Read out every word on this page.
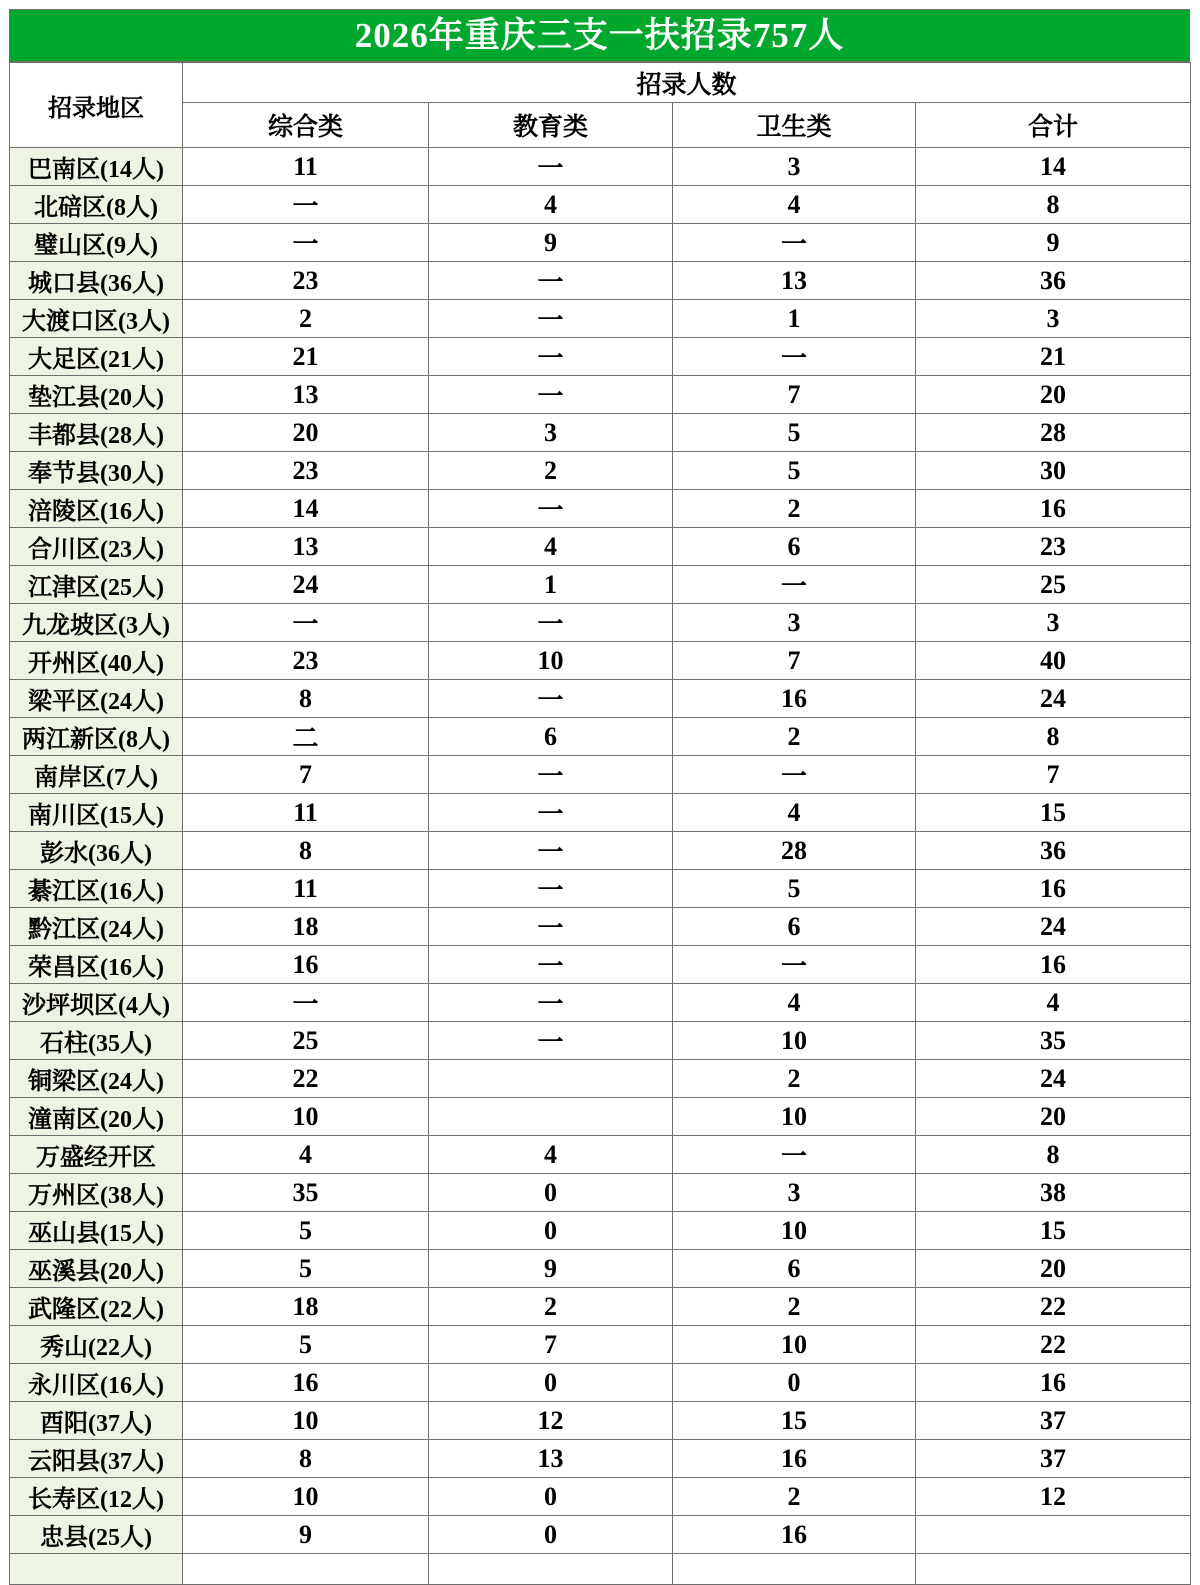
2026年重庆三支一扶招录757人
招录地区	招录人数			
	综合类	教育类	卫生类	合计
巴南区(14人)	11	一	3	14
北碚区(8人)	一	4	4	8
璧山区(9人)	一	9	一	9
城口县(36人)	23	一	13	36
大渡口区(3人)	2	一	1	3
大足区(21人)	21	一	一	21
垫江县(20人)	13	一	7	20
丰都县(28人)	20	3	5	28
奉节县(30人)	23	2	5	30
涪陵区(16人)	14	一	2	16
合川区(23人)	13	4	6	23
江津区(25人)	24	1	一	25
九龙坡区(3人)	一	一	3	3
开州区(40人)	23	10	7	40
梁平区(24人)	8	一	16	24
两江新区(8人)	二	6	2	8
南岸区(7人)	7	一	一	7
南川区(15人)	11	一	4	15
彭水(36人)	8	一	28	36
綦江区(16人)	11	一	5	16
黔江区(24人)	18	一	6	24
荣昌区(16人)	16	一	一	16
沙坪坝区(4人)	一	一	4	4
石柱(35人)	25	一	10	35
铜梁区(24人)	22		2	24
潼南区(20人)	10		10	20
万盛经开区	4	4	一	8
万州区(38人)	35	0	3	38
巫山县(15人)	5	0	10	15
巫溪县(20人)	5	9	6	20
武隆区(22人)	18	2	2	22
秀山(22人)	5	7	10	22
永川区(16人)	16	0	0	16
酉阳(37人)	10	12	15	37
云阳县(37人)	8	13	16	37
长寿区(12人)	10	0	2	12
忠县(25人)	9	0	16	
